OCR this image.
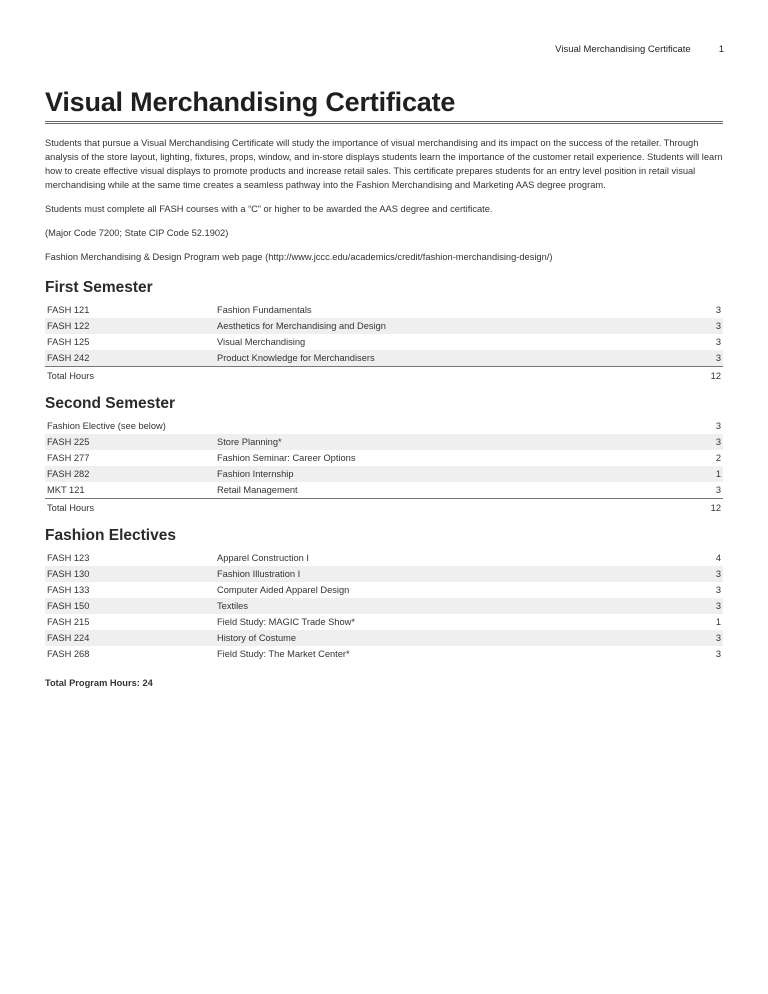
Visual Merchandising Certificate	1
Visual Merchandising Certificate

Students that pursue a Visual Merchandising Certificate will study the importance of visual merchandising and its impact on the success of the retailer. Through analysis of the store layout, lighting, fixtures, props, window, and in-store displays students learn the importance of the customer retail experience. Students will learn how to create effective visual displays to promote products and increase retail sales. This certificate prepares students for an entry level position in retail visual merchandising while at the same time creates a seamless pathway into the Fashion Merchandising and Marketing AAS degree program.

Students must complete all FASH courses with a “C” or higher to be awarded the AAS degree and certificate.

(Major Code 7200; State CIP Code 52.1902)

Fashion Merchandising & Design Program web page (http://www.jccc.edu/academics/credit/fashion-merchandising-design/)

First Semester
FASH 121	Fashion Fundamentals	3
FASH 122	Aesthetics for Merchandising and Design	3
FASH 125	Visual Merchandising	3
FASH 242	Product Knowledge for Merchandisers	3
Total Hours		12
Second Semester
Fashion Elective (see below)		3
FASH 225	Store Planning*	3
FASH 277	Fashion Seminar: Career Options	2
FASH 282	Fashion Internship	1
MKT 121	Retail Management	3
Total Hours		12
Fashion Electives
FASH 123	Apparel Construction I	4
FASH 130	Fashion Illustration I	3
FASH 133	Computer Aided Apparel Design	3
FASH 150	Textiles	3
FASH 215	Field Study: MAGIC Trade Show*	1
FASH 224	History of Costume	3
FASH 268	Field Study: The Market Center*	3
Total Program Hours: 24
